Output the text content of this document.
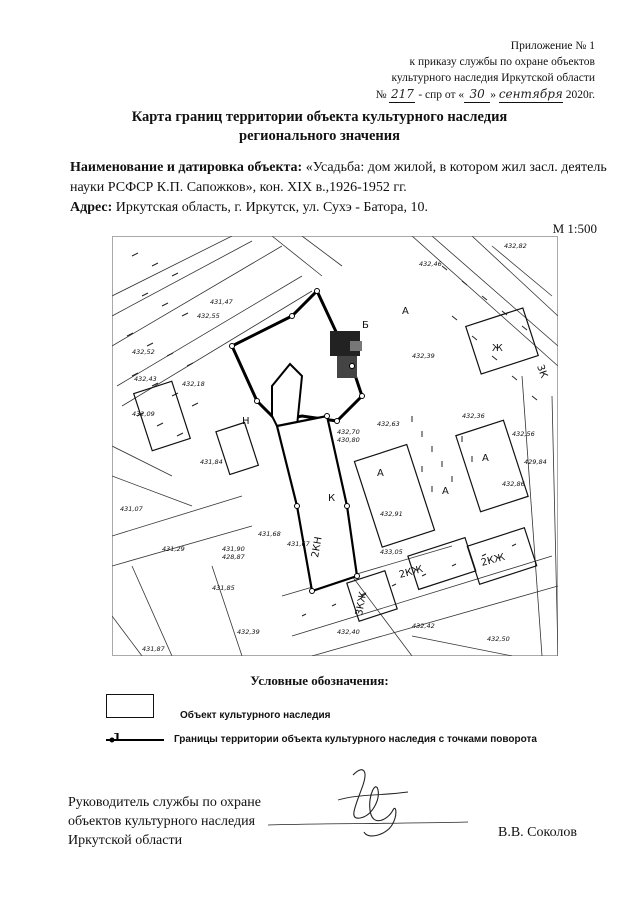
Приложение № 1
к приказу службы по охране объектов
культурного наследия Иркутской области
№ 217 - спр от « 30 » сентября 2020г.
Карта границ территории объекта культурного наследия
регионального значения
Наименование и датировка объекта: «Усадьба: дом жилой, в котором жил засл. деятель науки РСФСР К.П. Сапожков», кон. XIX в.,1926-1952 гг.
Адрес: Иркутская область, г. Иркутск, ул. Сухэ - Батора, 10.
М 1:500
432,82
431,47
432,55
432,52	432,39
432,18
432,63
432,70
430,80
432,09
431,84
432,91
433,05
432,56
429,84
431,68
431,67
431,90
428,87
431,07
431,29
432,39
431,87
432,40
432,42
432,50
432,86
432,36
432,43
431,85
432,46
2КН
2КЖ
2КЖ
3КЖ
К
А
А
А
Н
3К
Б
Ж
А
Условные обозначения:
Объект культурного наследия
1	Границы территории объекта культурного наследия с точками поворота
Руководитель службы по охране
объектов культурного наследия
Иркутской области
В.В. Соколов
